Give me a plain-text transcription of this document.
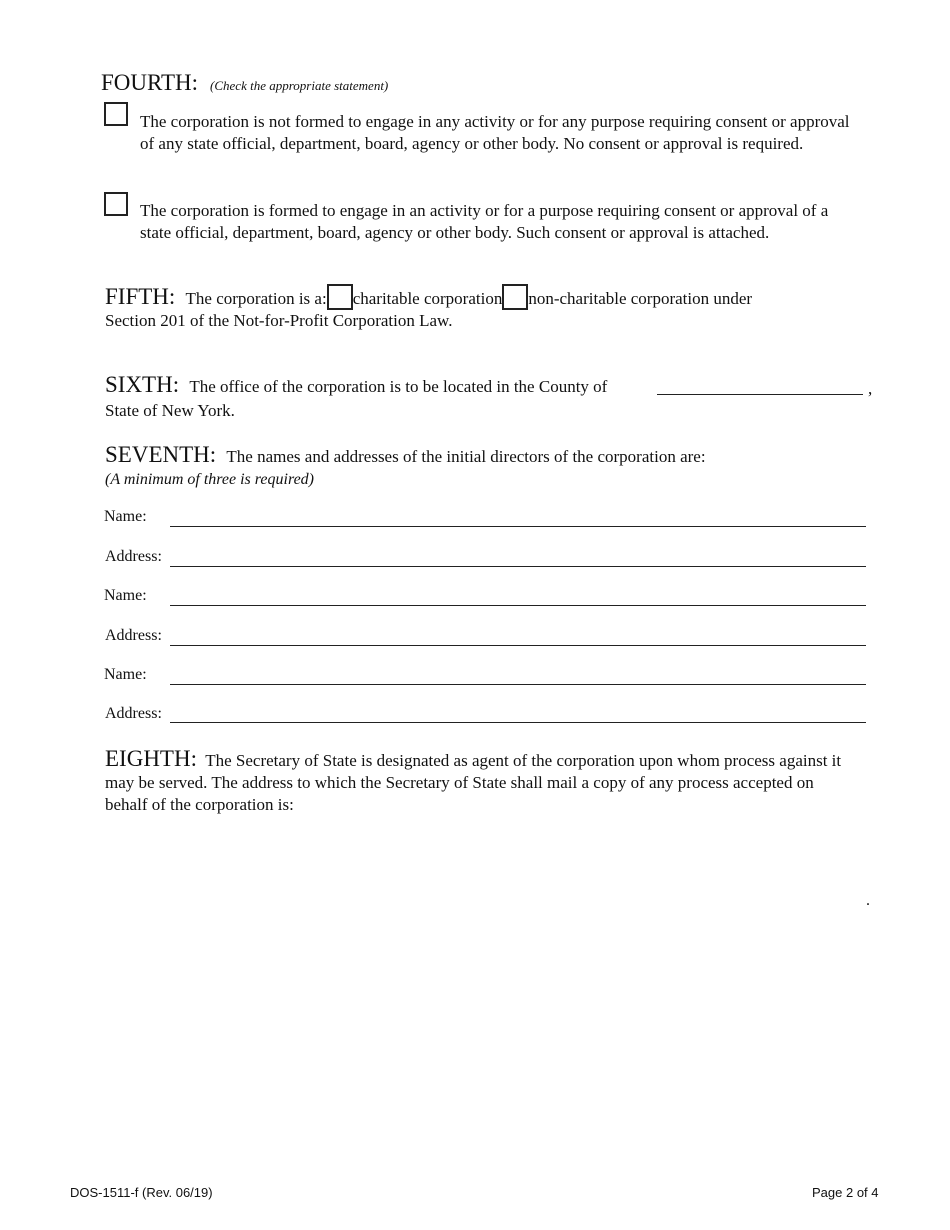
FOURTH: (Check the appropriate statement)
The corporation is not formed to engage in any activity or for any purpose requiring consent or approval of any state official, department, board, agency or other body. No consent or approval is required.
The corporation is formed to engage in an activity or for a purpose requiring consent or approval of a state official, department, board, agency or other body. Such consent or approval is attached.
FIFTH: The corporation is a: charitable corporation non-charitable corporation under
Section 201 of the Not-for-Profit Corporation Law.
SIXTH: The office of the corporation is to be located in the County of	,
State of New York.
SEVENTH: The names and addresses of the initial directors of the corporation are:
(A minimum of three is required)
Name:
Address:
Name:
Address:
Name:
Address:
EIGHTH: The Secretary of State is designated as agent of the corporation upon whom process against it may be served. The address to which the Secretary of State shall mail a copy of any process accepted on behalf of the corporation is:
.
DOS-1511-f (Rev. 06/19)	Page 2 of 4
